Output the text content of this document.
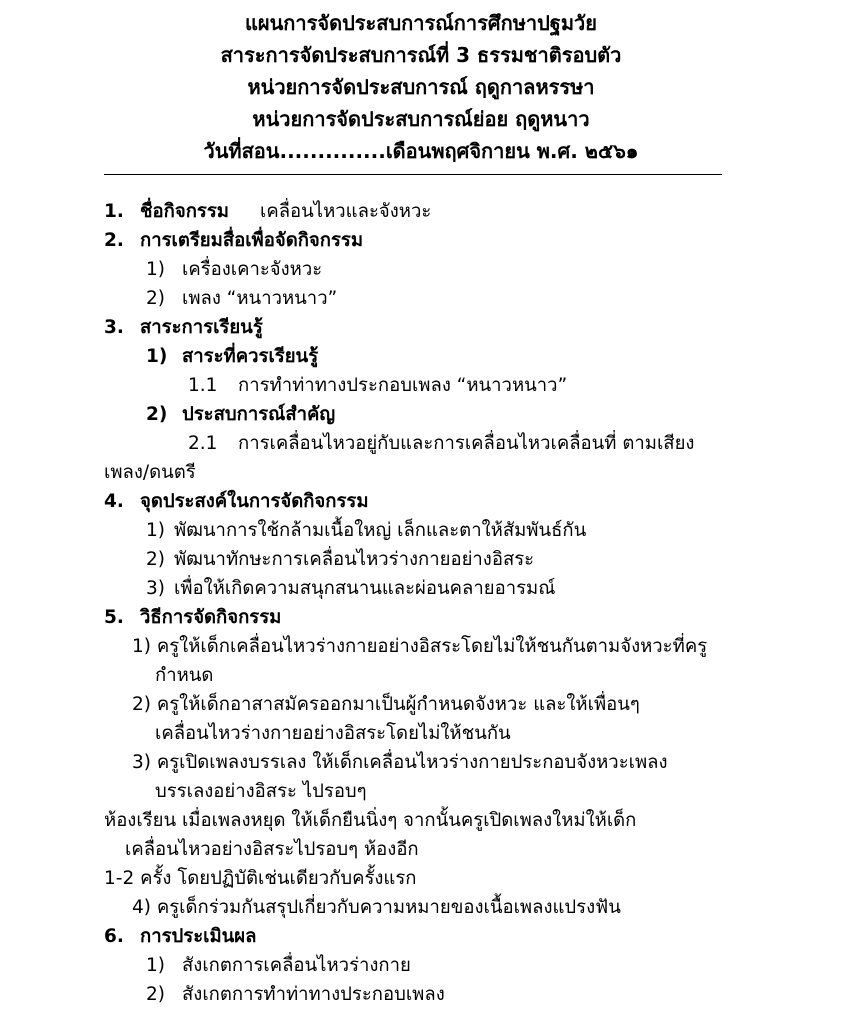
แผนการจัดประสบการณ์การศึกษาปฐมวัย
สาระการจัดประสบการณ์ที่ 3 ธรรมชาติรอบตัว
หน่วยการจัดประสบการณ์ ฤดูกาลหรรษา
หน่วยการจัดประสบการณ์ย่อย ฤดูหนาว
วันที่สอน..............เดือนพฤศจิกายน พ.ศ. ๒๕๖๑
1. ชื่อกิจกรรม เคลื่อนไหวและจังหวะ
2. การเตรียมสื่อเพื่อจัดกิจกรรม
1) เครื่องเคาะจังหวะ
2) เพลง “หนาวหนาว”
3. สาระการเรียนรู้
1) สาระที่ควรเรียนรู้
1.1 การทำท่าทางประกอบเพลง “หนาวหนาว”
2) ประสบการณ์สำคัญ
2.1 การเคลื่อนไหวอยู่กับและการเคลื่อนไหวเคลื่อนที่ ตามเสียง
เพลง/ดนตรี
4. จุดประสงค์ในการจัดกิจกรรม
1) พัฒนาการใช้กล้ามเนื้อใหญ่ เล็กและตาให้สัมพันธ์กัน
2) พัฒนาทักษะการเคลื่อนไหวร่างกายอย่างอิสระ
3) เพื่อให้เกิดความสนุกสนานและผ่อนคลายอารมณ์
5. วิธีการจัดกิจกรรม
1) ครูให้เด็กเคลื่อนไหวร่างกายอย่างอิสระโดยไม่ให้ชนกันตามจังหวะที่ครู
กำหนด
2) ครูให้เด็กอาสาสมัครออกมาเป็นผู้กำหนดจังหวะ และให้เพื่อนๆ
เคลื่อนไหวร่างกายอย่างอิสระโดยไม่ให้ชนกัน
3) ครูเปิดเพลงบรรเลง ให้เด็กเคลื่อนไหวร่างกายประกอบจังหวะเพลง
บรรเลงอย่างอิสระ ไปรอบๆ
ห้องเรียน เมื่อเพลงหยุด ให้เด็กยืนนิ่งๆ จากนั้นครูเปิดเพลงใหม่ให้เด็ก
เคลื่อนไหวอย่างอิสระไปรอบๆ ห้องอีก
1-2 ครั้ง โดยปฏิบัติเช่นเดียวกับครั้งแรก
4) ครูเด็กร่วมกันสรุปเกี่ยวกับความหมายของเนื้อเพลงแปรงฟัน
6. การประเมินผล
1) สังเกตการเคลื่อนไหวร่างกาย
2) สังเกตการทำท่าทางประกอบเพลง
